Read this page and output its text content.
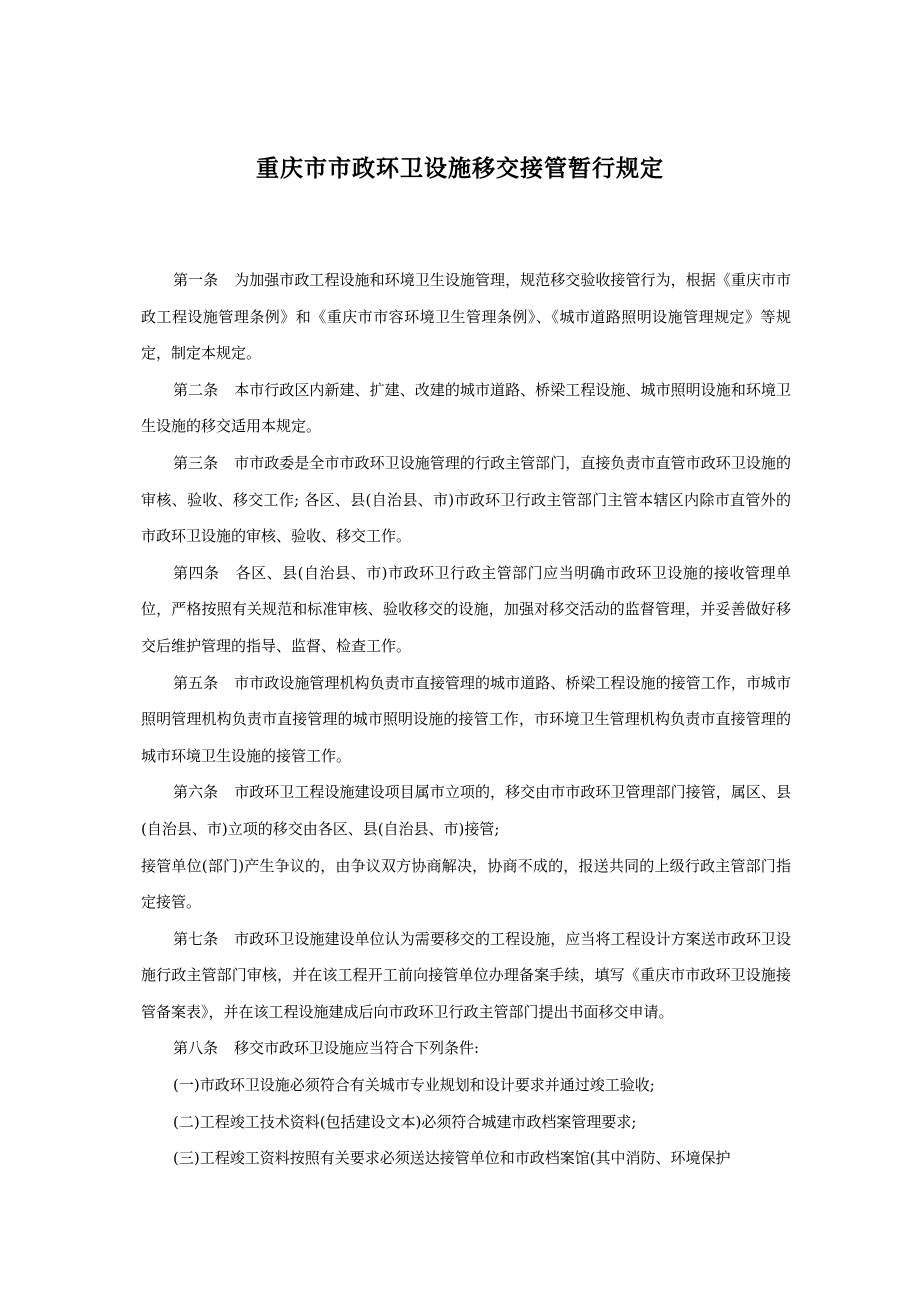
重庆市市政环卫设施移交接管暂行规定

第一条 为加强市政工程设施和环境卫生设施管理，规范移交验收接管行为，根据《重庆市市政工程设施管理条例》和《重庆市市容环境卫生管理条例》、《城市道路照明设施管理规定》等规定，制定本规定。

第二条 本市行政区内新建、扩建、改建的城市道路、桥梁工程设施、城市照明设施和环境卫生设施的移交适用本规定。

第三条 市市政委是全市市政环卫设施管理的行政主管部门，直接负责市直管市政环卫设施的审核、验收、移交工作; 各区、县(自治县、市)市政环卫行政主管部门主管本辖区内除市直管外的市政环卫设施的审核、验收、移交工作。

第四条 各区、县(自治县、市)市政环卫行政主管部门应当明确市政环卫设施的接收管理单位，严格按照有关规范和标准审核、验收移交的设施，加强对移交活动的监督管理，并妥善做好移交后维护管理的指导、监督、检查工作。

第五条 市市政设施管理机构负责市直接管理的城市道路、桥梁工程设施的接管工作，市城市照明管理机构负责市直接管理的城市照明设施的接管工作，市环境卫生管理机构负责市直接管理的城市环境卫生设施的接管工作。

第六条 市政环卫工程设施建设项目属市立项的，移交由市市政环卫管理部门接管，属区、县(自治县、市)立项的移交由各区、县(自治县、市)接管;

接管单位(部门)产生争议的，由争议双方协商解决，协商不成的，报送共同的上级行政主管部门指定接管。

第七条 市政环卫设施建设单位认为需要移交的工程设施，应当将工程设计方案送市政环卫设施行政主管部门审核，并在该工程开工前向接管单位办理备案手续，填写《重庆市市政环卫设施接管备案表》，并在该工程设施建成后向市政环卫行政主管部门提出书面移交申请。

第八条 移交市政环卫设施应当符合下列条件:

(一)市政环卫设施必须符合有关城市专业规划和设计要求并通过竣工验收;

(二)工程竣工技术资料(包括建设文本)必须符合城建市政档案管理要求;

(三)工程竣工资料按照有关要求必须送达接管单位和市政档案馆(其中消防、环境保护
